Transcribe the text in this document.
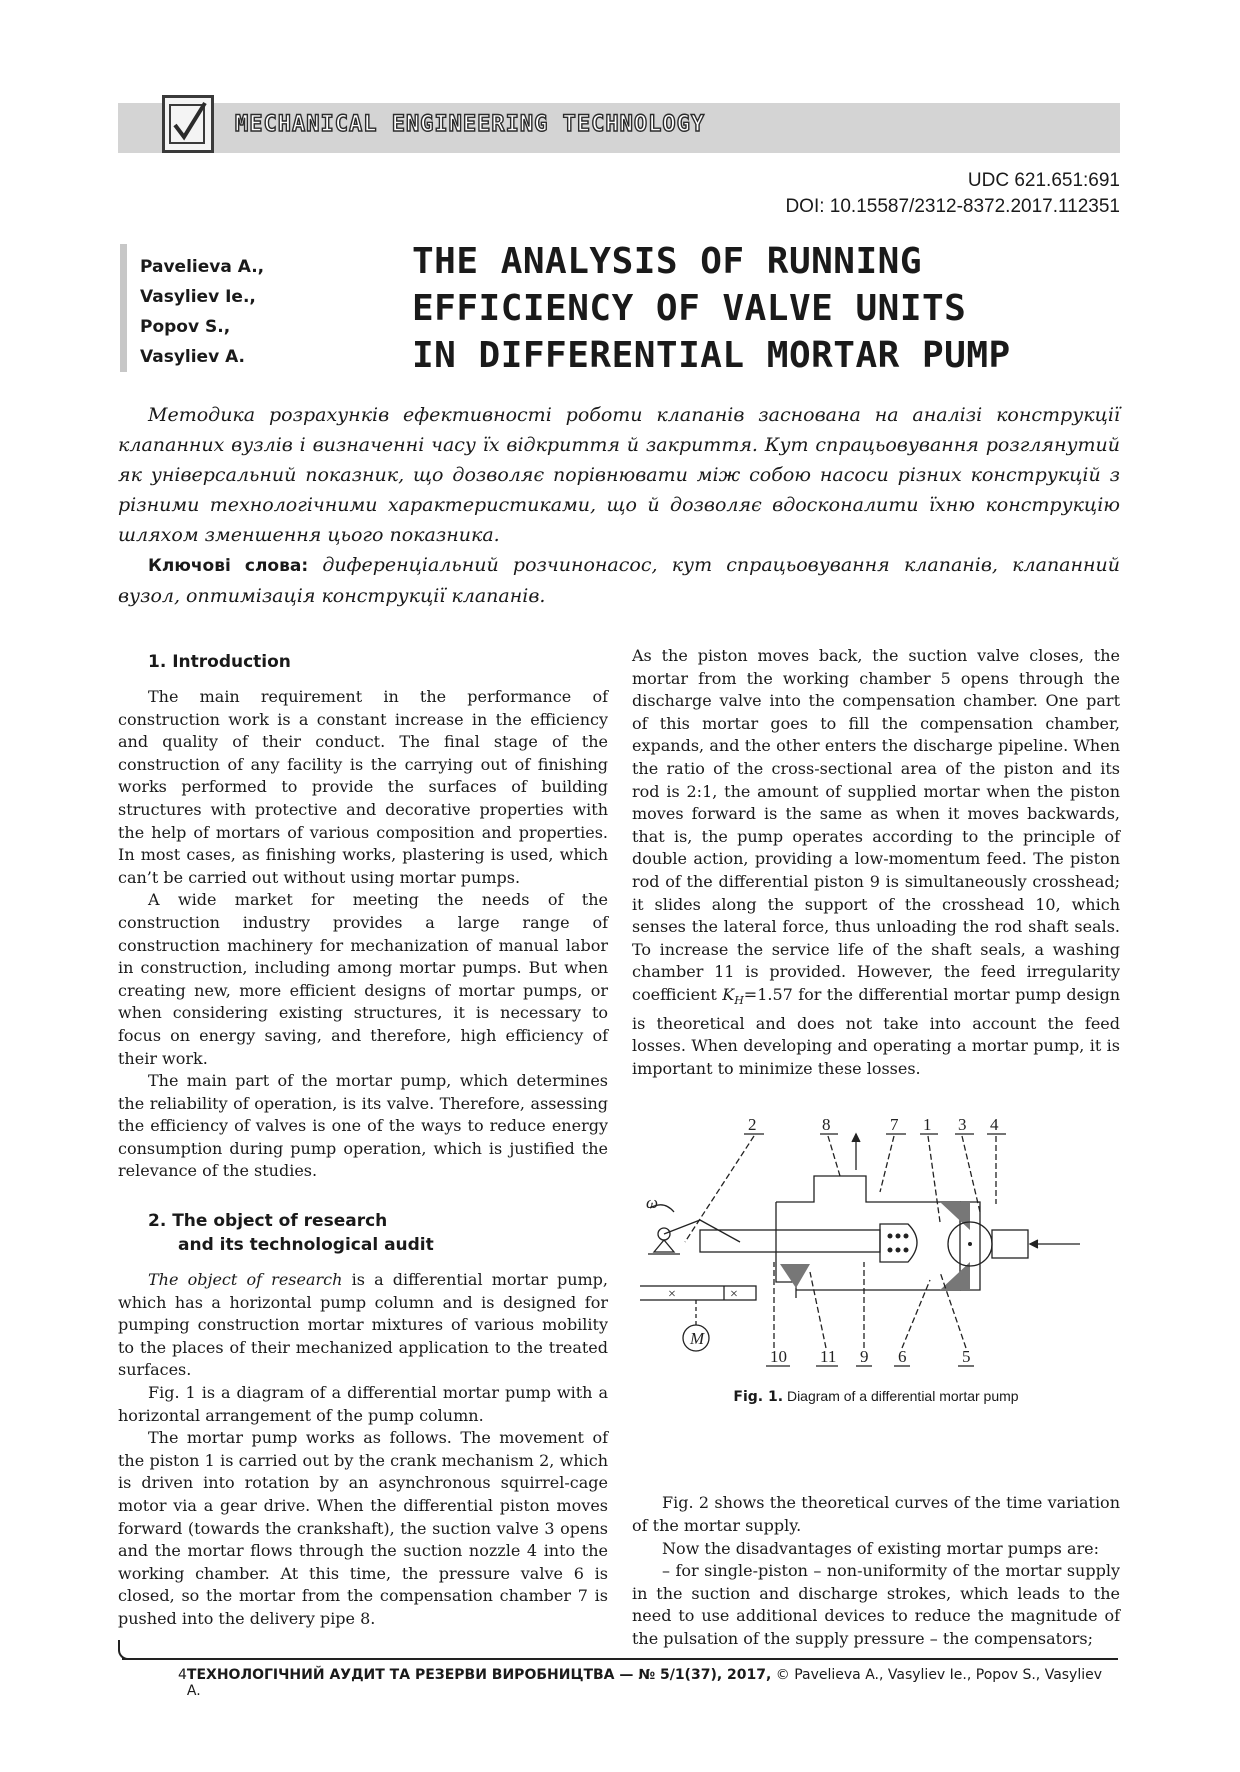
MECHANICAL ENGINEERING TECHNOLOGY
UDC 621.651:691
DOI: 10.15587/2312-8372.2017.112351
Pavelieva A.,
Vasyliev Ie.,
Popov S.,
Vasyliev A.
THE ANALYSIS OF RUNNING
EFFICIENCY OF VALVE UNITS
IN DIFFERENTIAL MORTAR PUMP

Методика розрахунків ефективності роботи клапанів заснована на аналізі конструкції клапанних вузлів і визначенні часу їх відкриття й закриття. Кут спрацьовування розглянутий як універсальний показник, що дозволяє порівнювати між собою насоси різних конструкцій з різними технологічними характеристиками, що й дозволяє вдосконалити їхню конструкцію шляхом зменшення цього показника.

Ключові слова: диференціальний розчинонасос, кут спрацьовування клапанів, клапанний вузол, оптимізація конструкції клапанів.

1. Introduction

The main requirement in the performance of construction work is a constant increase in the efficiency and quality of their conduct. The final stage of the construction of any facility is the carrying out of finishing works performed to provide the surfaces of building structures with protective and decorative properties with the help of mortars of various composition and properties. In most cases, as finishing works, plastering is used, which can’t be carried out without using mortar pumps.

A wide market for meeting the needs of the construction industry provides a large range of construction machinery for mechanization of manual labor in construction, including among mortar pumps. But when creating new, more efficient designs of mortar pumps, or when considering existing structures, it is necessary to focus on energy saving, and therefore, high efficiency of their work.

The main part of the mortar pump, which determines the reliability of operation, is its valve. Therefore, assessing the efficiency of valves is one of the ways to reduce energy consumption during pump operation, which is justified the relevance of the studies.

2. The object of research
and its technological audit

The object of research is a differential mortar pump, which has a horizontal pump column and is designed for pumping construction mortar mixtures of various mobility to the places of their mechanized application to the treated surfaces.

Fig. 1 is a diagram of a differential mortar pump with a horizontal arrangement of the pump column.

The mortar pump works as follows. The movement of the piston 1 is carried out by the crank mechanism 2, which is driven into rotation by an asynchronous squirrel-cage motor via a gear drive. When the differential piston moves forward (towards the crankshaft), the suction valve 3 opens and the mortar flows through the suction nozzle 4 into the working chamber. At this time, the pressure valve 6 is closed, so the mortar from the compensation chamber 7 is pushed into the delivery pipe 8.

As the piston moves back, the suction valve closes, the mortar from the working chamber 5 opens through the discharge valve into the compensation chamber. One part of this mortar goes to fill the compensation chamber, expands, and the other enters the discharge pipeline. When the ratio of the cross-sectional area of the piston and its rod is 2:1, the amount of supplied mortar when the piston moves forward is the same as when it moves backwards, that is, the pump operates according to the principle of double action, providing a low-momentum feed. The piston rod of the differential piston 9 is simultaneously crosshead; it slides along the support of the crosshead 10, which senses the lateral force, thus unloading the rod shaft seals. To increase the service life of the shaft seals, a washing chamber 11 is provided. However, the feed irregularity coefficient $K_H=1.57$ for the differential mortar pump design is theoretical and does not take into account the feed losses. When developing and operating a mortar pump, it is important to minimize these losses.

Fig. 2 shows the theoretical curves of the time variation of the mortar supply.

Now the disadvantages of existing mortar pumps are:

– for single-piston – non-uniformity of the mortar supply in the suction and discharge strokes, which leads to the need to use additional devices to reduce the magnitude of the pulsation of the supply pressure – the compensators;

2	8	7 1 3 4
ω
×	×
M
10 11 9 6	5
Fig. 1. Diagram of a differential mortar pump
4 ТЕХНОЛОГІЧНИЙ АУДИТ ТА РЕЗЕРВИ ВИРОБНИЦТВА — № 5/1(37), 2017, © Pavelieva A., Vasyliev Ie., Popov S., Vasyliev A.
